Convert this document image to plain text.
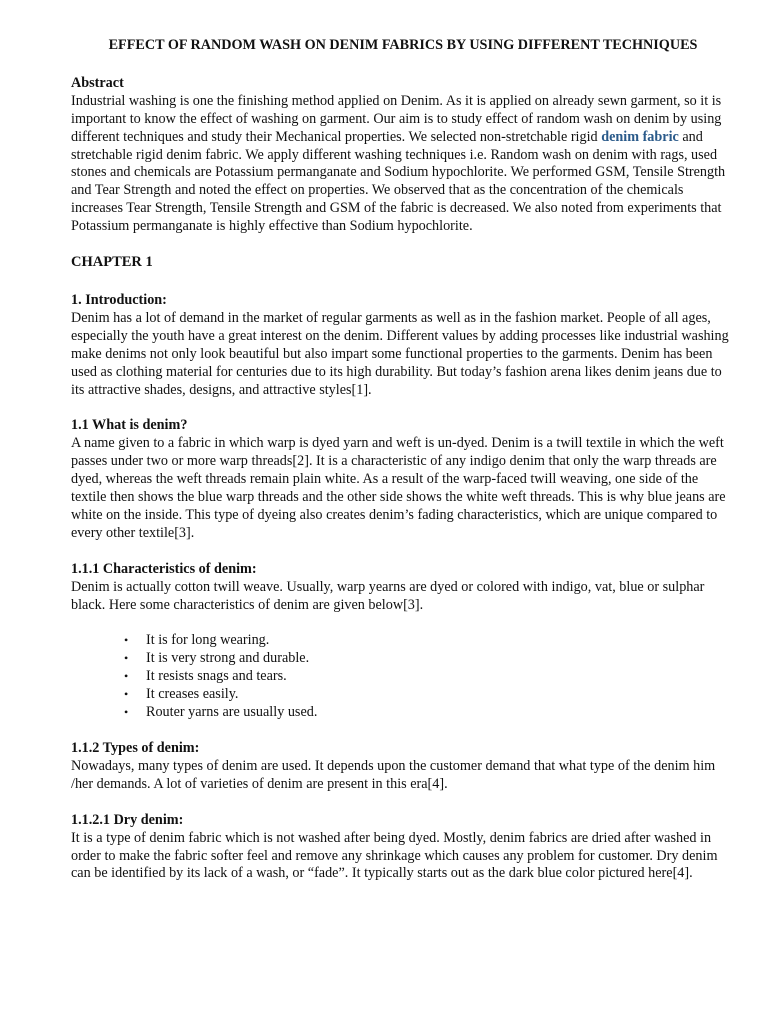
EFFECT OF RANDOM WASH ON DENIM FABRICS BY USING DIFFERENT TECHNIQUES
Abstract

Industrial washing is one the finishing method applied on Denim. As it is applied on already sewn garment, so it is important to know the effect of washing on garment. Our aim is to study effect of random wash on denim by using different techniques and study their Mechanical properties. We selected non-stretchable rigid denim fabric and stretchable rigid denim fabric. We apply different washing techniques i.e. Random wash on denim with rags, used stones and chemicals are Potassium permanganate and Sodium hypochlorite. We performed GSM, Tensile Strength and Tear Strength and noted the effect on properties. We observed that as the concentration of the chemicals increases Tear Strength, Tensile Strength and GSM of the fabric is decreased. We also noted from experiments that Potassium permanganate is highly effective than Sodium hypochlorite.

CHAPTER 1
1. Introduction:

Denim has a lot of demand in the market of regular garments as well as in the fashion market. People of all ages, especially the youth have a great interest on the denim. Different values by adding processes like industrial washing make denims not only look beautiful but also impart some functional properties to the garments. Denim has been used as clothing material for centuries due to its high durability. But today’s fashion arena likes denim jeans due to its attractive shades, designs, and attractive styles[1].

1.1 What is denim?

A name given to a fabric in which warp is dyed yarn and weft is un-dyed. Denim is a twill textile in which the weft passes under two or more warp threads[2]. It is a characteristic of any indigo denim that only the warp threads are dyed, whereas the weft threads remain plain white. As a result of the warp-faced twill weaving, one side of the textile then shows the blue warp threads and the other side shows the white weft threads. This is why blue jeans are white on the inside. This type of dyeing also creates denim’s fading characteristics, which are unique compared to every other textile[3].

1.1.1 Characteristics of denim:

Denim is actually cotton twill weave. Usually, warp yearns are dyed or colored with indigo, vat, blue or sulphar black. Here some characteristics of denim are given below[3].

• It is for long wearing.
• It is very strong and durable.
• It resists snags and tears.
• It creases easily.
• Router yarns are usually used.
1.1.2 Types of denim:

Nowadays, many types of denim are used. It depends upon the customer demand that what type of the denim him /her demands. A lot of varieties of denim are present in this era[4].

1.1.2.1 Dry denim:

It is a type of denim fabric which is not washed after being dyed. Mostly, denim fabrics are dried after washed in order to make the fabric softer feel and remove any shrinkage which causes any problem for customer. Dry denim can be identified by its lack of a wash, or “fade”. It typically starts out as the dark blue color pictured here[4].
